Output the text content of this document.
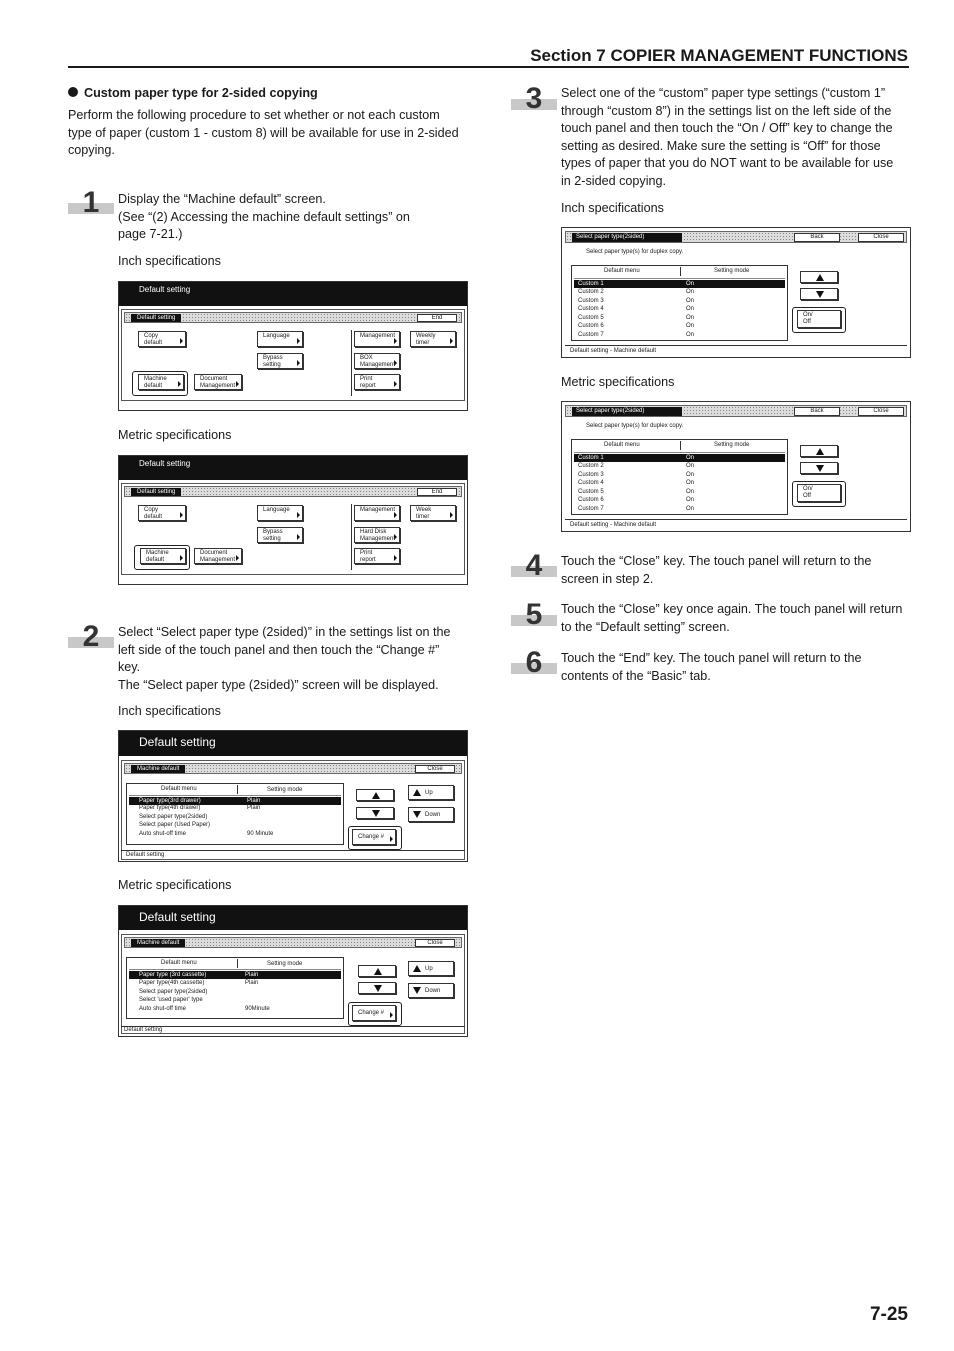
Section 7 COPIER MANAGEMENT FUNCTIONS
Custom paper type for 2-sided copying
Perform the following procedure to set whether or not each custom
type of paper (custom 1 - custom 8) will be available for use in 2-sided
copying.
1	Display the “Machine default” screen.
(See “(2) Accessing the machine default settings” on
page 7-21.)
Inch specifications
Default setting
Default setting	End
Copy
default
Language	Management	Weekly
timer
Bypass
setting
BOX
Management
Machine
default
Document
Management
Print
report
Metric specifications
Default setting
Default setting	End
Copy
default
Language	Management	Week
timer
Bypass
setting
Hard Disk
Management
Machine
default
Document
Management
Print
report
2	Select “Select paper type (2sided)” in the settings list on the
left side of the touch panel and then touch the “Change #”
key.
The “Select paper type (2sided)” screen will be displayed.
Inch specifications
Default setting
Machine default	Close
Default menu	Setting mode
Paper type(3rd drawer)	Plain
Paper type(4th drawer)	Plain
Select paper type(2sided)
Select paper (Used Paper)
Auto shut-off time	90 Minute
Up
Down
Change #
Default setting
Metric specifications
Default setting
Machine default	Close
Default menu	Setting mode
Paper type (3rd cassette)	Plain
Paper type(4th cassette)	Plain
Select paper type(2sided)
Select 'used paper' type
Auto shut-off time	90Minute
Up
Down
Change #
Default setting
3	Select one of the “custom” paper type settings (“custom 1”
through “custom 8”) in the settings list on the left side of the
touch panel and then touch the “On / Off” key to change the
setting as desired. Make sure the setting is “Off” for those
types of paper that you do NOT want to be available for use
in 2-sided copying.
Inch specifications
Select paper type(2sided)	Back	Close
Select paper type(s) for duplex copy.
Default menu	Setting mode
Custom 1	On
Custom 2	On
Custom 3	On
Custom 4	On
Custom 5	On
Custom 6	On
Custom 7	On
On/
Off
Default setting - Machine default
Metric specifications
Select paper type(2sided)	Back	Close
Select paper type(s) for duplex copy.
Default menu	Setting mode
Custom 1	On
Custom 2	On
Custom 3	On
Custom 4	On
Custom 5	On
Custom 6	On
Custom 7	On
On/
Off
Default setting - Machine default
4	Touch the “Close” key. The touch panel will return to the
screen in step 2.
5	Touch the “Close” key once again. The touch panel will return
to the “Default setting” screen.
6	Touch the “End” key. The touch panel will return to the
contents of the “Basic” tab.
7-25
